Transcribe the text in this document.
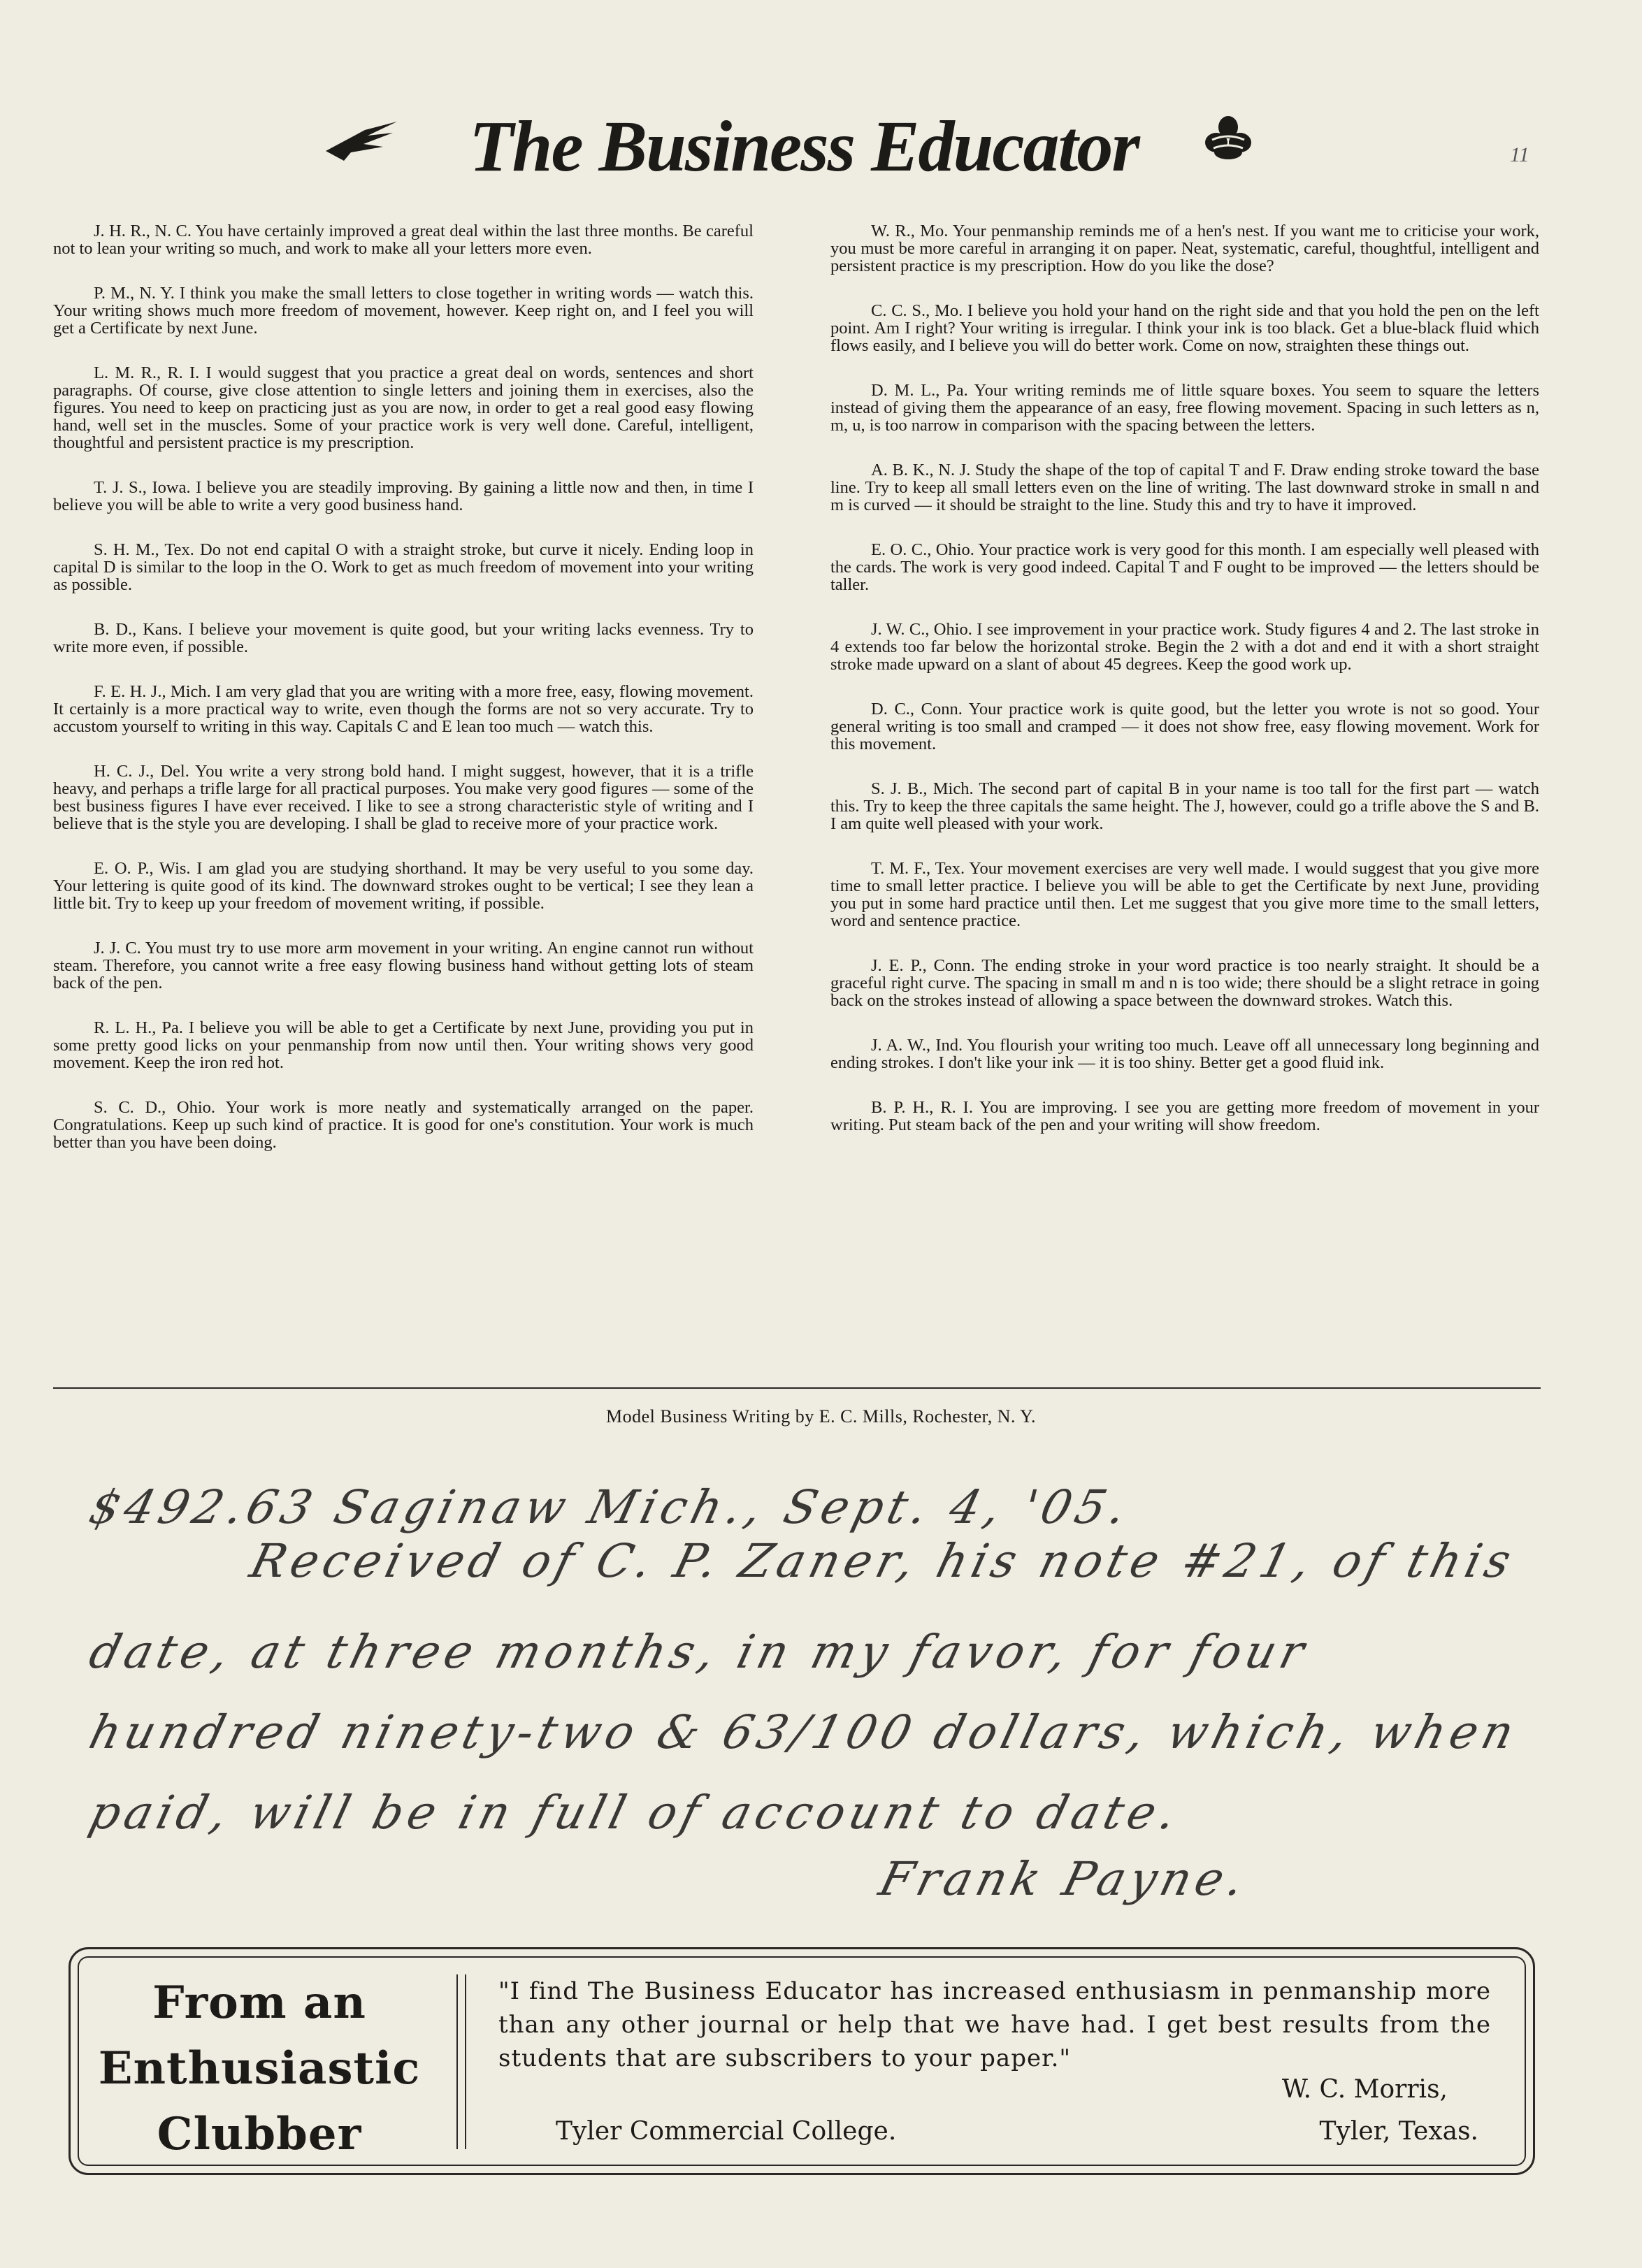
The Business Educator	11

J. H. R., N. C. You have certainly improved a great deal within the last three months. Be careful not to lean your writing so much, and work to make all your letters more even.

P. M., N. Y. I think you make the small letters to close together in writing words — watch this. Your writing shows much more freedom of movement, however. Keep right on, and I feel you will get a Certificate by next June.

L. M. R., R. I. I would suggest that you practice a great deal on words, sentences and short paragraphs. Of course, give close attention to single letters and joining them in exercises, also the figures. You need to keep on practicing just as you are now, in order to get a real good easy flowing hand, well set in the muscles. Some of your practice work is very well done. Careful, intelligent, thoughtful and persistent practice is my prescription.

T. J. S., Iowa. I believe you are steadily improving. By gaining a little now and then, in time I believe you will be able to write a very good business hand.

S. H. M., Tex. Do not end capital O with a straight stroke, but curve it nicely. Ending loop in capital D is similar to the loop in the O. Work to get as much freedom of movement into your writing as possible.

B. D., Kans. I believe your movement is quite good, but your writing lacks evenness. Try to write more even, if possible.

F. E. H. J., Mich. I am very glad that you are writing with a more free, easy, flowing movement. It certainly is a more practical way to write, even though the forms are not so very accurate. Try to accustom yourself to writing in this way. Capitals C and E lean too much — watch this.

H. C. J., Del. You write a very strong bold hand. I might suggest, however, that it is a trifle heavy, and perhaps a trifle large for all practical purposes. You make very good figures — some of the best business figures I have ever received. I like to see a strong characteristic style of writing and I believe that is the style you are developing. I shall be glad to receive more of your practice work.

E. O. P., Wis. I am glad you are studying shorthand. It may be very useful to you some day. Your lettering is quite good of its kind. The downward strokes ought to be vertical; I see they lean a little bit. Try to keep up your freedom of movement writing, if possible.

J. J. C. You must try to use more arm movement in your writing. An engine cannot run without steam. Therefore, you cannot write a free easy flowing business hand without getting lots of steam back of the pen.

R. L. H., Pa. I believe you will be able to get a Certificate by next June, providing you put in some pretty good licks on your penmanship from now until then. Your writing shows very good movement. Keep the iron red hot.

S. C. D., Ohio. Your work is more neatly and systematically arranged on the paper. Congratulations. Keep up such kind of practice. It is good for one's constitution. Your work is much better than you have been doing.

W. R., Mo. Your penmanship reminds me of a hen's nest. If you want me to criticise your work, you must be more careful in arranging it on paper. Neat, systematic, careful, thoughtful, intelligent and persistent practice is my prescription. How do you like the dose?

C. C. S., Mo. I believe you hold your hand on the right side and that you hold the pen on the left point. Am I right? Your writing is irregular. I think your ink is too black. Get a blue-black fluid which flows easily, and I believe you will do better work. Come on now, straighten these things out.

D. M. L., Pa. Your writing reminds me of little square boxes. You seem to square the letters instead of giving them the appearance of an easy, free flowing movement. Spacing in such letters as n, m, u, is too narrow in comparison with the spacing between the letters.

A. B. K., N. J. Study the shape of the top of capital T and F. Draw ending stroke toward the base line. Try to keep all small letters even on the line of writing. The last downward stroke in small n and m is curved — it should be straight to the line. Study this and try to have it improved.

E. O. C., Ohio. Your practice work is very good for this month. I am especially well pleased with the cards. The work is very good indeed. Capital T and F ought to be improved — the letters should be taller.

J. W. C., Ohio. I see improvement in your practice work. Study figures 4 and 2. The last stroke in 4 extends too far below the horizontal stroke. Begin the 2 with a dot and end it with a short straight stroke made upward on a slant of about 45 degrees. Keep the good work up.

D. C., Conn. Your practice work is quite good, but the letter you wrote is not so good. Your general writing is too small and cramped — it does not show free, easy flowing movement. Work for this movement.

S. J. B., Mich. The second part of capital B in your name is too tall for the first part — watch this. Try to keep the three capitals the same height. The J, however, could go a trifle above the S and B. I am quite well pleased with your work.

T. M. F., Tex. Your movement exercises are very well made. I would suggest that you give more time to small letter practice. I believe you will be able to get the Certificate by next June, providing you put in some hard practice until then. Let me suggest that you give more time to the small letters, word and sentence practice.

J. E. P., Conn. The ending stroke in your word practice is too nearly straight. It should be a graceful right curve. The spacing in small m and n is too wide; there should be a slight retrace in going back on the strokes instead of allowing a space between the downward strokes. Watch this.

J. A. W., Ind. You flourish your writing too much. Leave off all unnecessary long beginning and ending strokes. I don't like your ink — it is too shiny. Better get a good fluid ink.

B. P. H., R. I. You are improving. I see you are getting more freedom of movement in your writing. Put steam back of the pen and your writing will show freedom.

Model Business Writing by E. C. Mills, Rochester, N. Y.

$492.63 Saginaw Mich., Sept. 4, '05.

Received of C. P. Zaner, his note #21, of this

date, at three months, in my favor, for four

hundred ninety-two & 63/100 dollars, which, when

paid, will be in full of account to date.

Frank Payne.

From an
Enthusiastic
Clubber
"I find The Business Educator has increased enthusiasm in penmanship more than any other journal or help that we have had. I get best results from the students that are subscribers to your paper."
W. C. Morris,
Tyler Commercial College.	Tyler, Texas.
